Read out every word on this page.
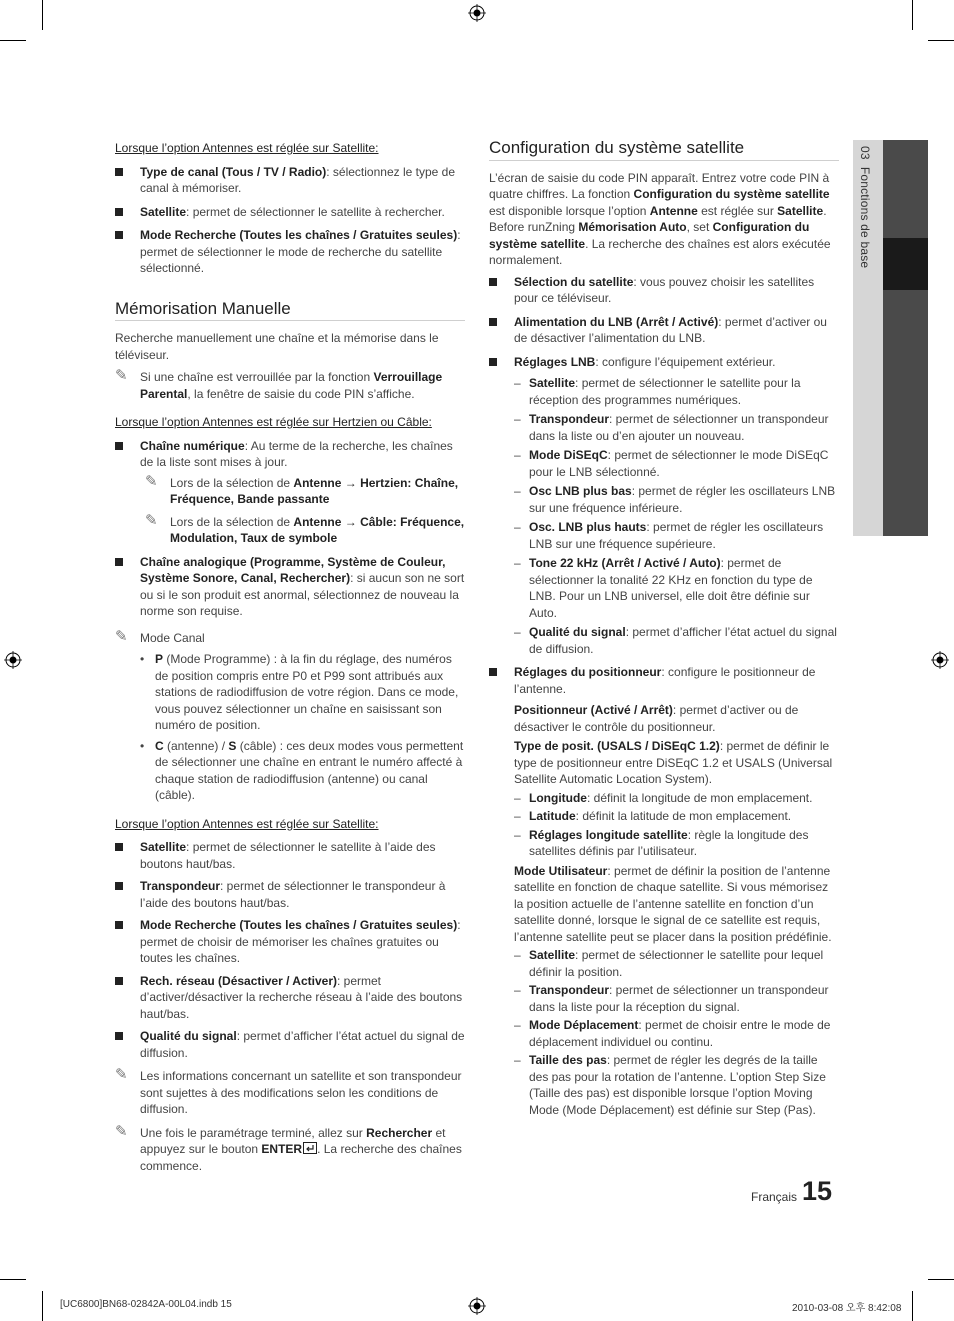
03  Fonctions de base

Lorsque l’option Antennes est réglée sur Satellite:

Type de canal (Tous / TV / Radio): sélectionnez le type de canal à mémoriser.

Satellite: permet de sélectionner le satellite à rechercher.

Mode Recherche (Toutes les chaînes / Gratuites seules): permet de sélectionner le mode de recherche du satellite sélectionné.

Mémorisation Manuelle

Recherche manuellement une chaîne et la mémorise dans le téléviseur.

✎ Si une chaîne est verrouillée par la fonction Verrouillage Parental, la fenêtre de saisie du code PIN s’affiche.

Lorsque l’option Antennes est réglée sur Hertzien ou Câble:

Chaîne numérique: Au terme de la recherche, les chaînes de la liste sont mises à jour.

✎ Lors de la sélection de Antenne → Hertzien: Chaîne, Fréquence, Bande passante

✎ Lors de la sélection de Antenne → Câble: Fréquence, Modulation, Taux de symbole

Chaîne analogique (Programme, Système de Couleur, Système Sonore, Canal, Rechercher): si aucun son ne sort ou si le son produit est anormal, sélectionnez de nouveau la norme son requise.

✎ Mode Canal

• P (Mode Programme) : à la fin du réglage, des numéros de position compris entre P0 et P99 sont attribués aux stations de radiodiffusion de votre région. Dans ce mode, vous pouvez sélectionner un chaîne en saisissant son numéro de position.

• C (antenne) / S (câble) : ces deux modes vous permettent de sélectionner une chaîne en entrant le numéro affecté à chaque station de radiodiffusion (antenne) ou canal (câble).

Lorsque l’option Antennes est réglée sur Satellite:

Satellite: permet de sélectionner le satellite à l’aide des boutons haut/bas.

Transpondeur: permet de sélectionner le transpondeur à l’aide des boutons haut/bas.

Mode Recherche (Toutes les chaînes / Gratuites seules): permet de choisir de mémoriser les chaînes gratuites ou toutes les chaînes.

Rech. réseau (Désactiver / Activer): permet d’activer/désactiver la recherche réseau à l’aide des boutons haut/bas.

Qualité du signal: permet d’afficher l’état actuel du signal de diffusion.

✎ Les informations concernant un satellite et son transpondeur sont sujettes à des modifications selon les conditions de diffusion.

✎ Une fois le paramétrage terminé, allez sur Rechercher et appuyez sur le bouton ENTER . La recherche des chaînes commence.

Configuration du système satellite

L’écran de saisie du code PIN apparaît. Entrez votre code PIN à quatre chiffres. La fonction Configuration du système satellite est disponible lorsque l’option Antenne est réglée sur Satellite. Before runZning Mémorisation Auto, set Configuration du système satellite. La recherche des chaînes est alors exécutée normalement.

Sélection du satellite: vous pouvez choisir les satellites pour ce téléviseur.

Alimentation du LNB (Arrêt / Activé): permet d’activer ou de désactiver l’alimentation du LNB.

Réglages LNB: configure l’équipement extérieur.

– Satellite: permet de sélectionner le satellite pour la réception des programmes numériques.

– Transpondeur: permet de sélectionner un transpondeur dans la liste ou d’en ajouter un nouveau.

– Mode DiSEqC: permet de sélectionner le mode DiSEqC pour le LNB sélectionné.

– Osc LNB plus bas: permet de régler les oscillateurs LNB sur une fréquence inférieure.

– Osc. LNB plus hauts: permet de régler les oscillateurs LNB sur une fréquence supérieure.

– Tone 22 kHz (Arrêt / Activé / Auto): permet de sélectionner la tonalité 22 KHz en fonction du type de LNB. Pour un LNB universel, elle doit être définie sur Auto.

– Qualité du signal: permet d’afficher l’état actuel du signal de diffusion.

Réglages du positionneur: configure le positionneur de l’antenne.

Positionneur (Activé / Arrêt): permet d’activer ou de désactiver le contrôle du positionneur.

Type de posit. (USALS / DiSEqC 1.2): permet de définir le type de positionneur entre DiSEqC 1.2 et USALS (Universal Satellite Automatic Location System).

– Longitude: définit la longitude de mon emplacement.

– Latitude: définit la latitude de mon emplacement.

– Réglages longitude satellite: règle la longitude des satellites définis par l’utilisateur.

Mode Utilisateur: permet de définir la position de l’antenne satellite en fonction de chaque satellite. Si vous mémorisez la position actuelle de l’antenne satellite en fonction d’un satellite donné, lorsque le signal de ce satellite est requis, l’antenne satellite peut se placer dans la position prédéfinie.

– Satellite: permet de sélectionner le satellite pour lequel définir la position.

– Transpondeur: permet de sélectionner un transpondeur dans la liste pour la réception du signal.

– Mode Déplacement: permet de choisir entre le mode de déplacement individuel ou continu.

– Taille des pas: permet de régler les degrés de la taille des pas pour la rotation de l’antenne. L’option Step Size (Taille des pas) est disponible lorsque l’option Moving Mode (Mode Déplacement) est définie sur Step (Pas).

Français 15
[UC6800]BN68-02842A-00L04.indb 15	2010-03-08 오후 8:42:08
